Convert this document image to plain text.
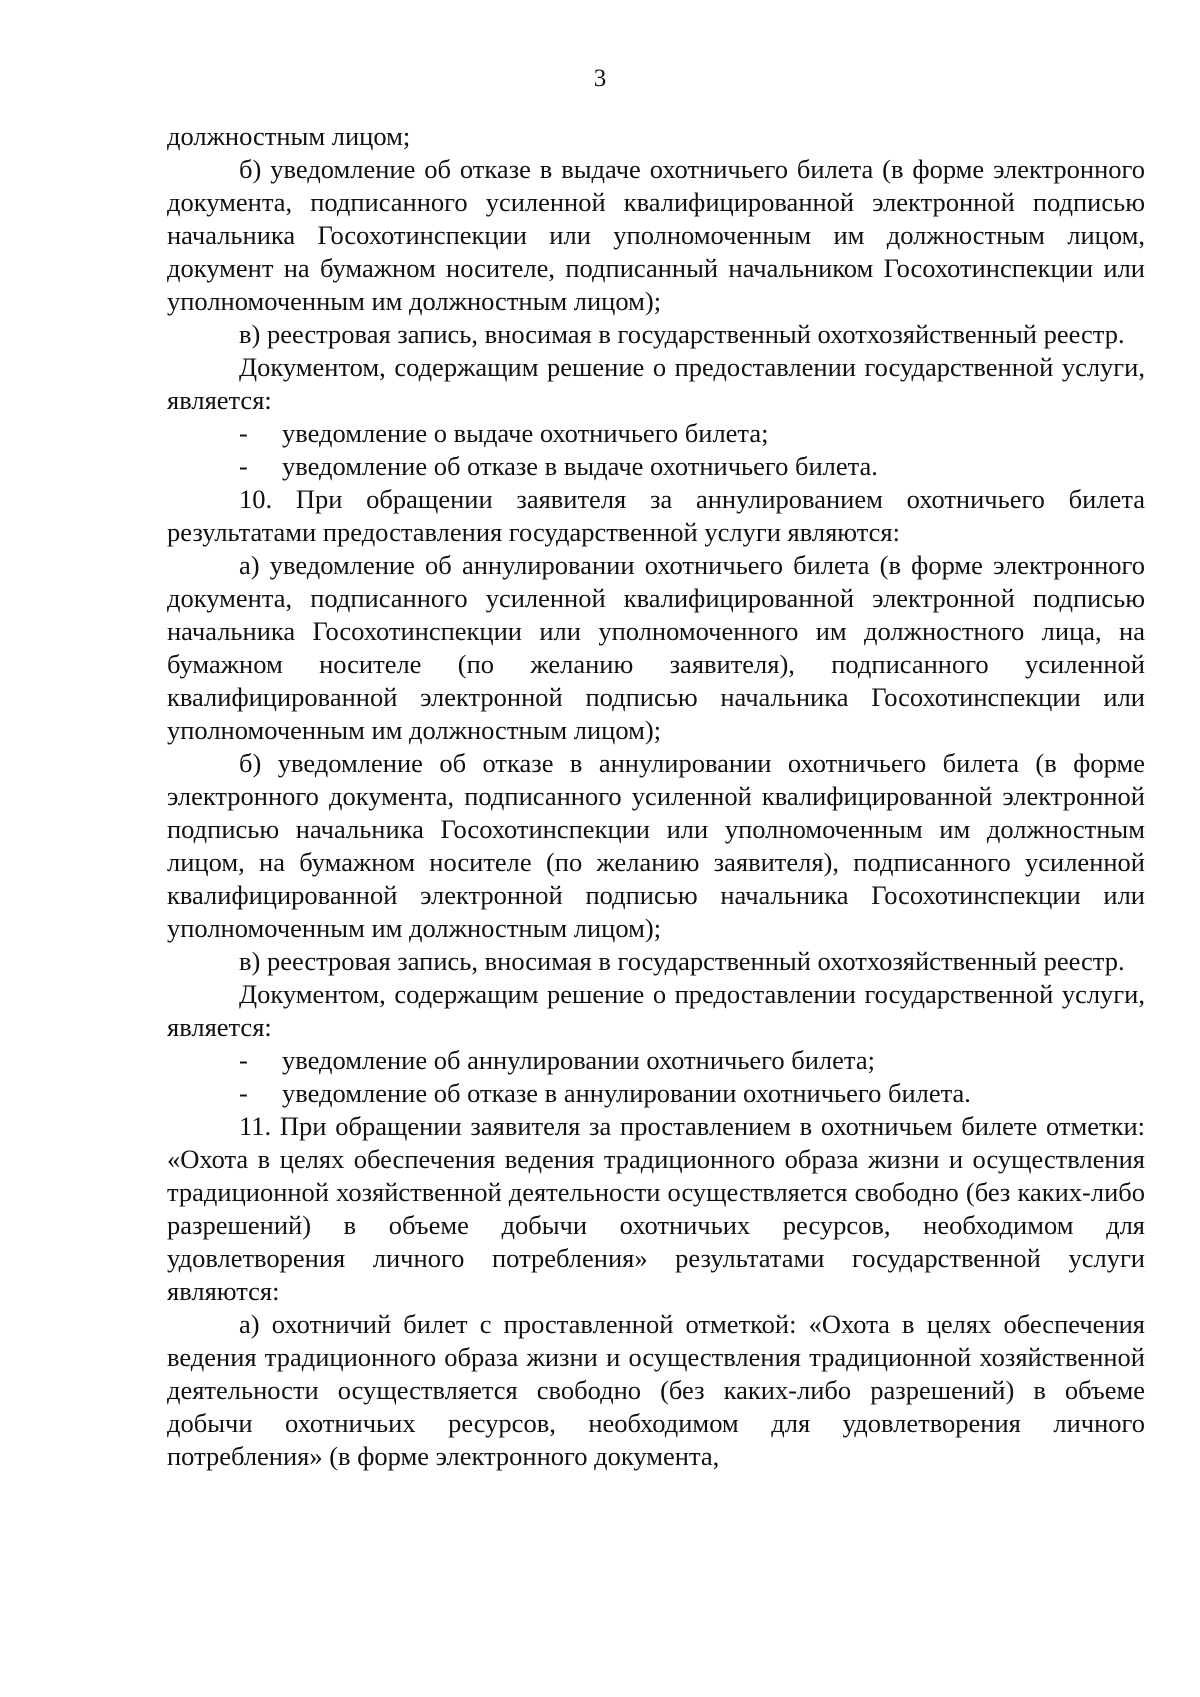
3

должностным лицом;

б) уведомление об отказе в выдаче охотничьего билета (в форме электронного документа, подписанного усиленной квалифицированной электронной подписью начальника Госохотинспекции или уполномоченным им должностным лицом, документ на бумажном носителе, подписанный начальником Госохотинспекции или уполномоченным им должностным лицом);

в) реестровая запись, вносимая в государственный охотхозяйственный реестр.

Документом, содержащим решение о предоставлении государственной услуги, является:

- уведомление о выдаче охотничьего билета;

- уведомление об отказе в выдаче охотничьего билета.

10. При обращении заявителя за аннулированием охотничьего билета результатами предоставления государственной услуги являются:

а) уведомление об аннулировании охотничьего билета (в форме электронного документа, подписанного усиленной квалифицированной электронной подписью начальника Госохотинспекции или уполномоченного им должностного лица, на бумажном носителе (по желанию заявителя), подписанного усиленной квалифицированной электронной подписью начальника Госохотинспекции или уполномоченным им должностным лицом);

б) уведомление об отказе в аннулировании охотничьего билета (в форме электронного документа, подписанного усиленной квалифицированной электронной подписью начальника Госохотинспекции или уполномоченным им должностным лицом, на бумажном носителе (по желанию заявителя), подписанного усиленной квалифицированной электронной подписью начальника Госохотинспекции или уполномоченным им должностным лицом);

в) реестровая запись, вносимая в государственный охотхозяйственный реестр.

Документом, содержащим решение о предоставлении государственной услуги, является:

- уведомление об аннулировании охотничьего билета;

- уведомление об отказе в аннулировании охотничьего билета.

11. При обращении заявителя за проставлением в охотничьем билете отметки: «Охота в целях обеспечения ведения традиционного образа жизни и осуществления традиционной хозяйственной деятельности осуществляется свободно (без каких-либо разрешений) в объеме добычи охотничьих ресурсов, необходимом для удовлетворения личного потребления» результатами государственной услуги являются:

а) охотничий билет с проставленной отметкой: «Охота в целях обеспечения ведения традиционного образа жизни и осуществления традиционной хозяйственной деятельности осуществляется свободно (без каких-либо разрешений) в объеме добычи охотничьих ресурсов, необходимом для удовлетворения личного потребления» (в форме электронного документа,
